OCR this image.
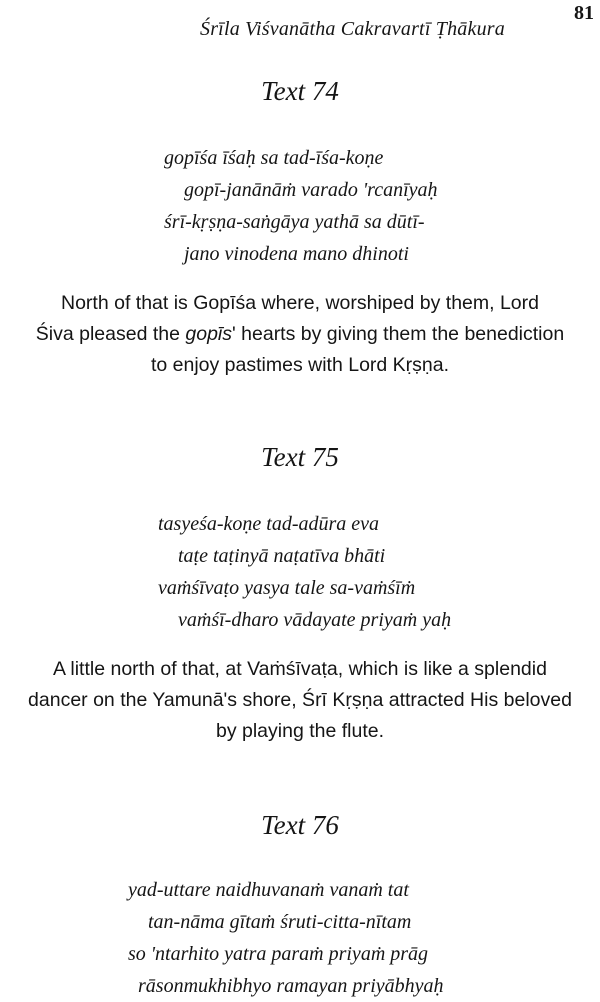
Śrīla Viśvanātha Cakravartī Ṭhākura
81
Text 74
gopīśa īśaḥ sa tad-īśa-koṇe
gopī-janānāṁ varado 'rcanīyaḥ
śrī-kṛṣṇa-saṅgāya yathā sa dūtī-
jano vinodena mano dhinoti
North of that is Gopīśa where, worshiped by them, Lord
Śiva pleased the gopīs' hearts by giving them the benediction
to enjoy pastimes with Lord Kṛṣṇa.
Text 75
tasyeśa-koṇe tad-adūra eva
taṭe taṭinyā naṭatīva bhāti
vaṁśīvaṭo yasya tale sa-vaṁśīṁ
vaṁśī-dharo vādayate priyaṁ yaḥ
A little north of that, at Vaṁśīvaṭa, which is like a splendid
dancer on the Yamunā's shore, Śrī Kṛṣṇa attracted His beloved
by playing the flute.
Text 76
yad-uttare naidhuvanaṁ vanaṁ tat
tan-nāma gītaṁ śruti-citta-nītam
so 'ntarhito yatra paraṁ priyaṁ prāg
rāsonmukhibhyo ramayan priyābhyaḥ
